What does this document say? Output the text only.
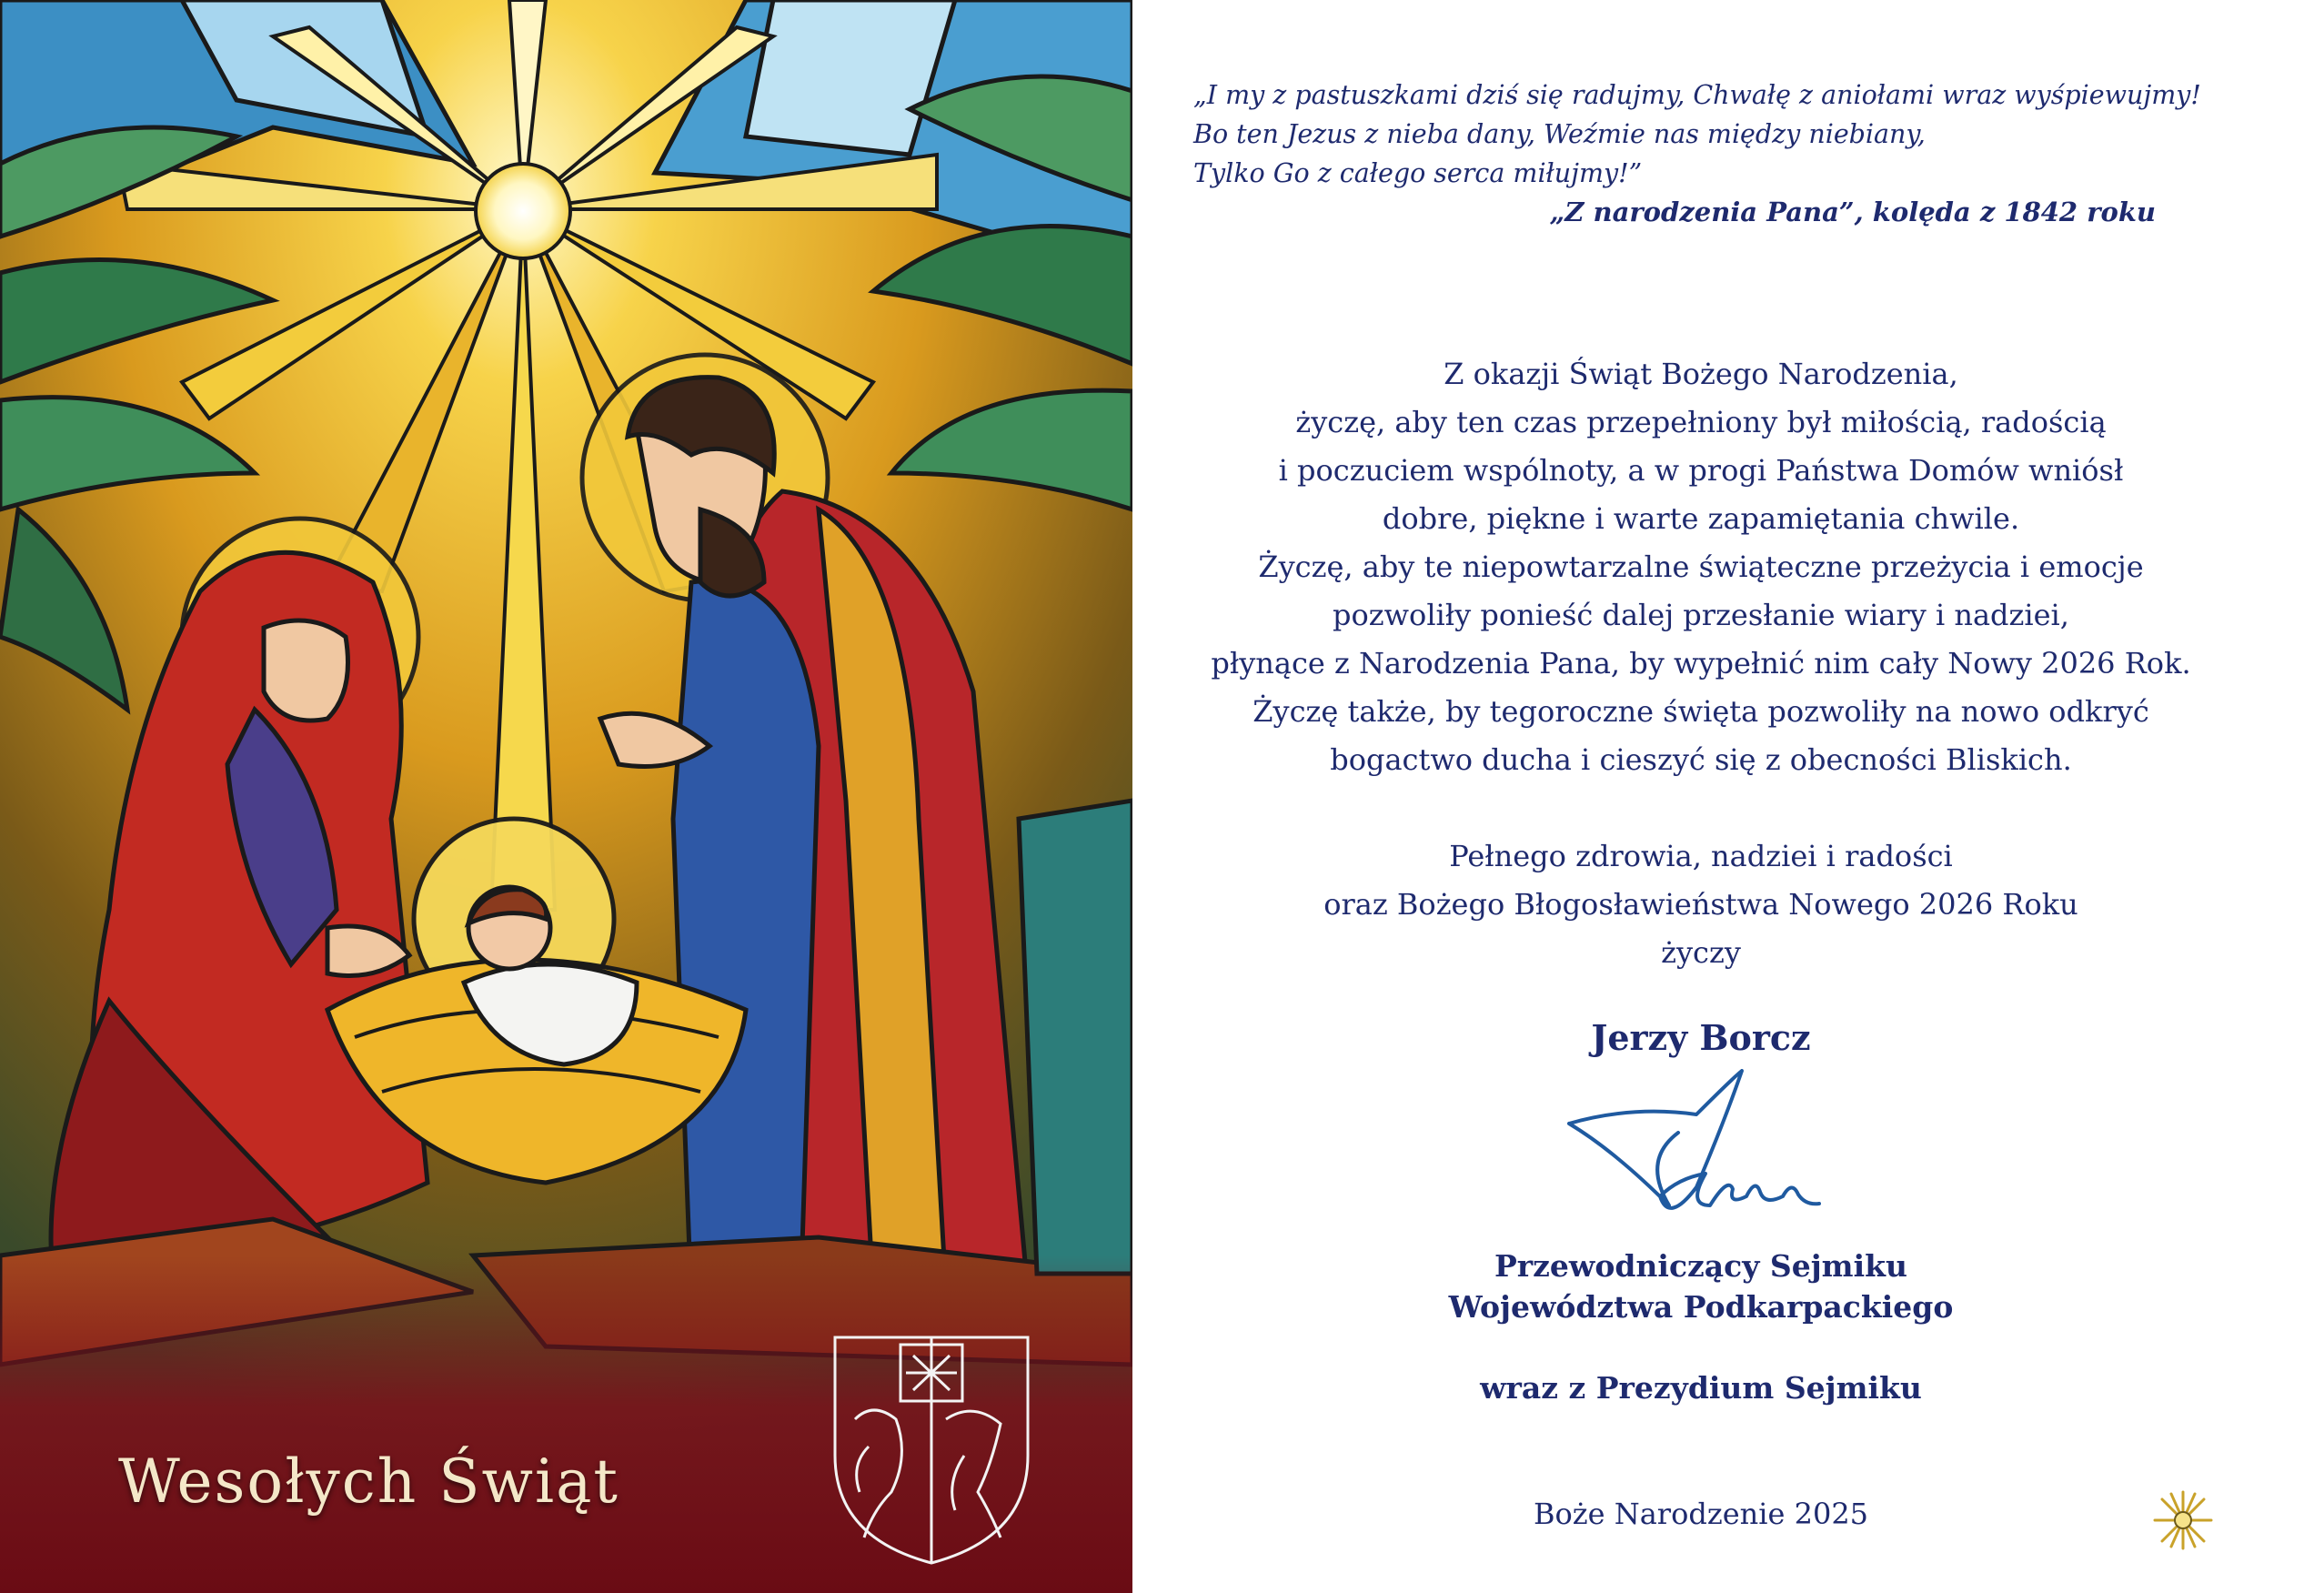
Wesołych Świąt
„I my z pastuszkami dziś się radujmy, Chwałę z aniołami wraz wyśpiewujmy!
Bo ten Jezus z nieba dany, Weźmie nas między niebiany,
Tylko Go z całego serca miłujmy!”
„Z narodzenia Pana”, kolęda z 1842 roku
Z okazji Świąt Bożego Narodzenia,
życzę, aby ten czas przepełniony był miłością, radością
i poczuciem wspólnoty, a w progi Państwa Domów wniósł
dobre, piękne i warte zapamiętania chwile.
Życzę, aby te niepowtarzalne świąteczne przeżycia i emocje
pozwoliły ponieść dalej przesłanie wiary i nadziei,
płynące z Narodzenia Pana, by wypełnić nim cały Nowy 2026 Rok.
Życzę także, by tegoroczne święta pozwoliły na nowo odkryć
bogactwo ducha i cieszyć się z obecności Bliskich.
Pełnego zdrowia, nadziei i radości
oraz Bożego Błogosławieństwa Nowego 2026 Roku
życzy
Jerzy Borcz
Przewodniczący Sejmiku
Województwa Podkarpackiego
wraz z Prezydium Sejmiku
Boże Narodzenie 2025
